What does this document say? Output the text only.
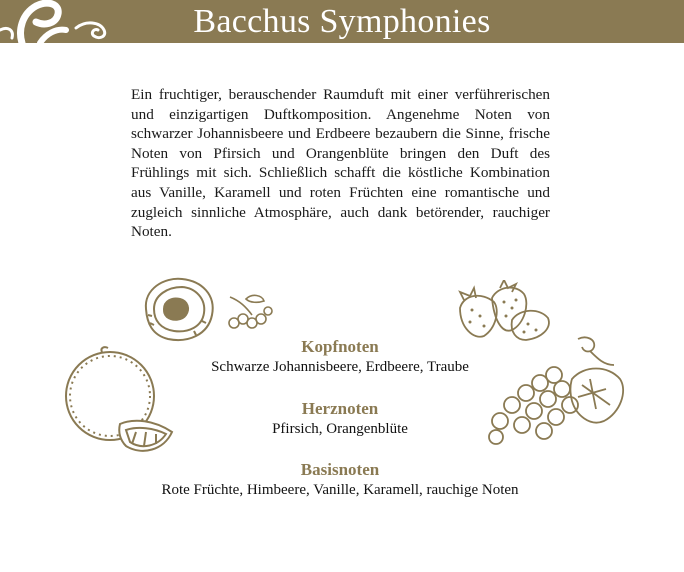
Bacchus Symphonies

Ein fruchtiger, berauschender Raumduft mit einer verführerischen und einzigartigen Duftkomposition. Angenehme Noten von schwarzer Johannisbeere und Erdbeere bezaubern die Sinne, frische Noten von Pfirsich und Orangenblüte bringen den Duft des Frühlings mit sich. Schließlich schafft die köstliche Kombination aus Vanille, Karamell und roten Früchten eine romantische und zugleich sinnliche Atmosphäre, auch dank betörender, rauchiger Noten.

Kopfnoten
Schwarze Johannisbeere, Erdbeere, Traube
Herznoten
Pfirsich, Orangenblüte
Basisnoten
Rote Früchte, Himbeere, Vanille, Karamell, rauchige Noten
